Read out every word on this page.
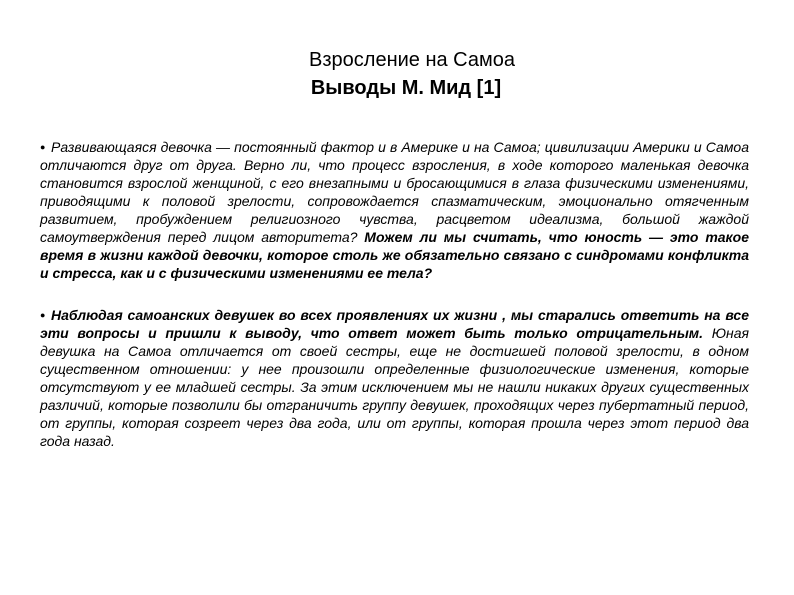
Взросление на Самоа
Выводы М. Мид [1]

● Развивающаяся девочка — постоянный фактор и в Америке и на Самоа; цивилизации Америки и Самоа отличаются друг от друга. Верно ли, что процесс взросления, в ходе которого маленькая девочка становится взрослой женщиной, с его внезапными и бросающимися в глаза физическими изменениями, приводящими к половой зрелости, сопровождается спазматическим, эмоционально отягченным развитием, пробуждением религиозного чувства, расцветом идеализма, большой жаждой самоутверждения перед лицом авторитета? Можем ли мы считать, что юность — это такое время в жизни каждой девочки, которое столь же обязательно связано с синдромами конфликта и стресса, как и с физическими изменениями ее тела?

● Наблюдая самоанских девушек во всех проявлениях их жизни , мы старались ответить на все эти вопросы и пришли к выводу, что ответ может быть только отрицательным. Юная девушка на Самоа отличается от своей сестры, еще не достигшей половой зрелости, в одном существенном отношении: у нее произошли определенные физиологические изменения, которые отсутствуют у ее младшей сестры. За этим исключением мы не нашли никаких других существенных различий, которые позволили бы отграничить группу девушек, проходящих через пубертатный период, от группы, которая созреет через два года, или от группы, которая прошла через этот период два года назад.
